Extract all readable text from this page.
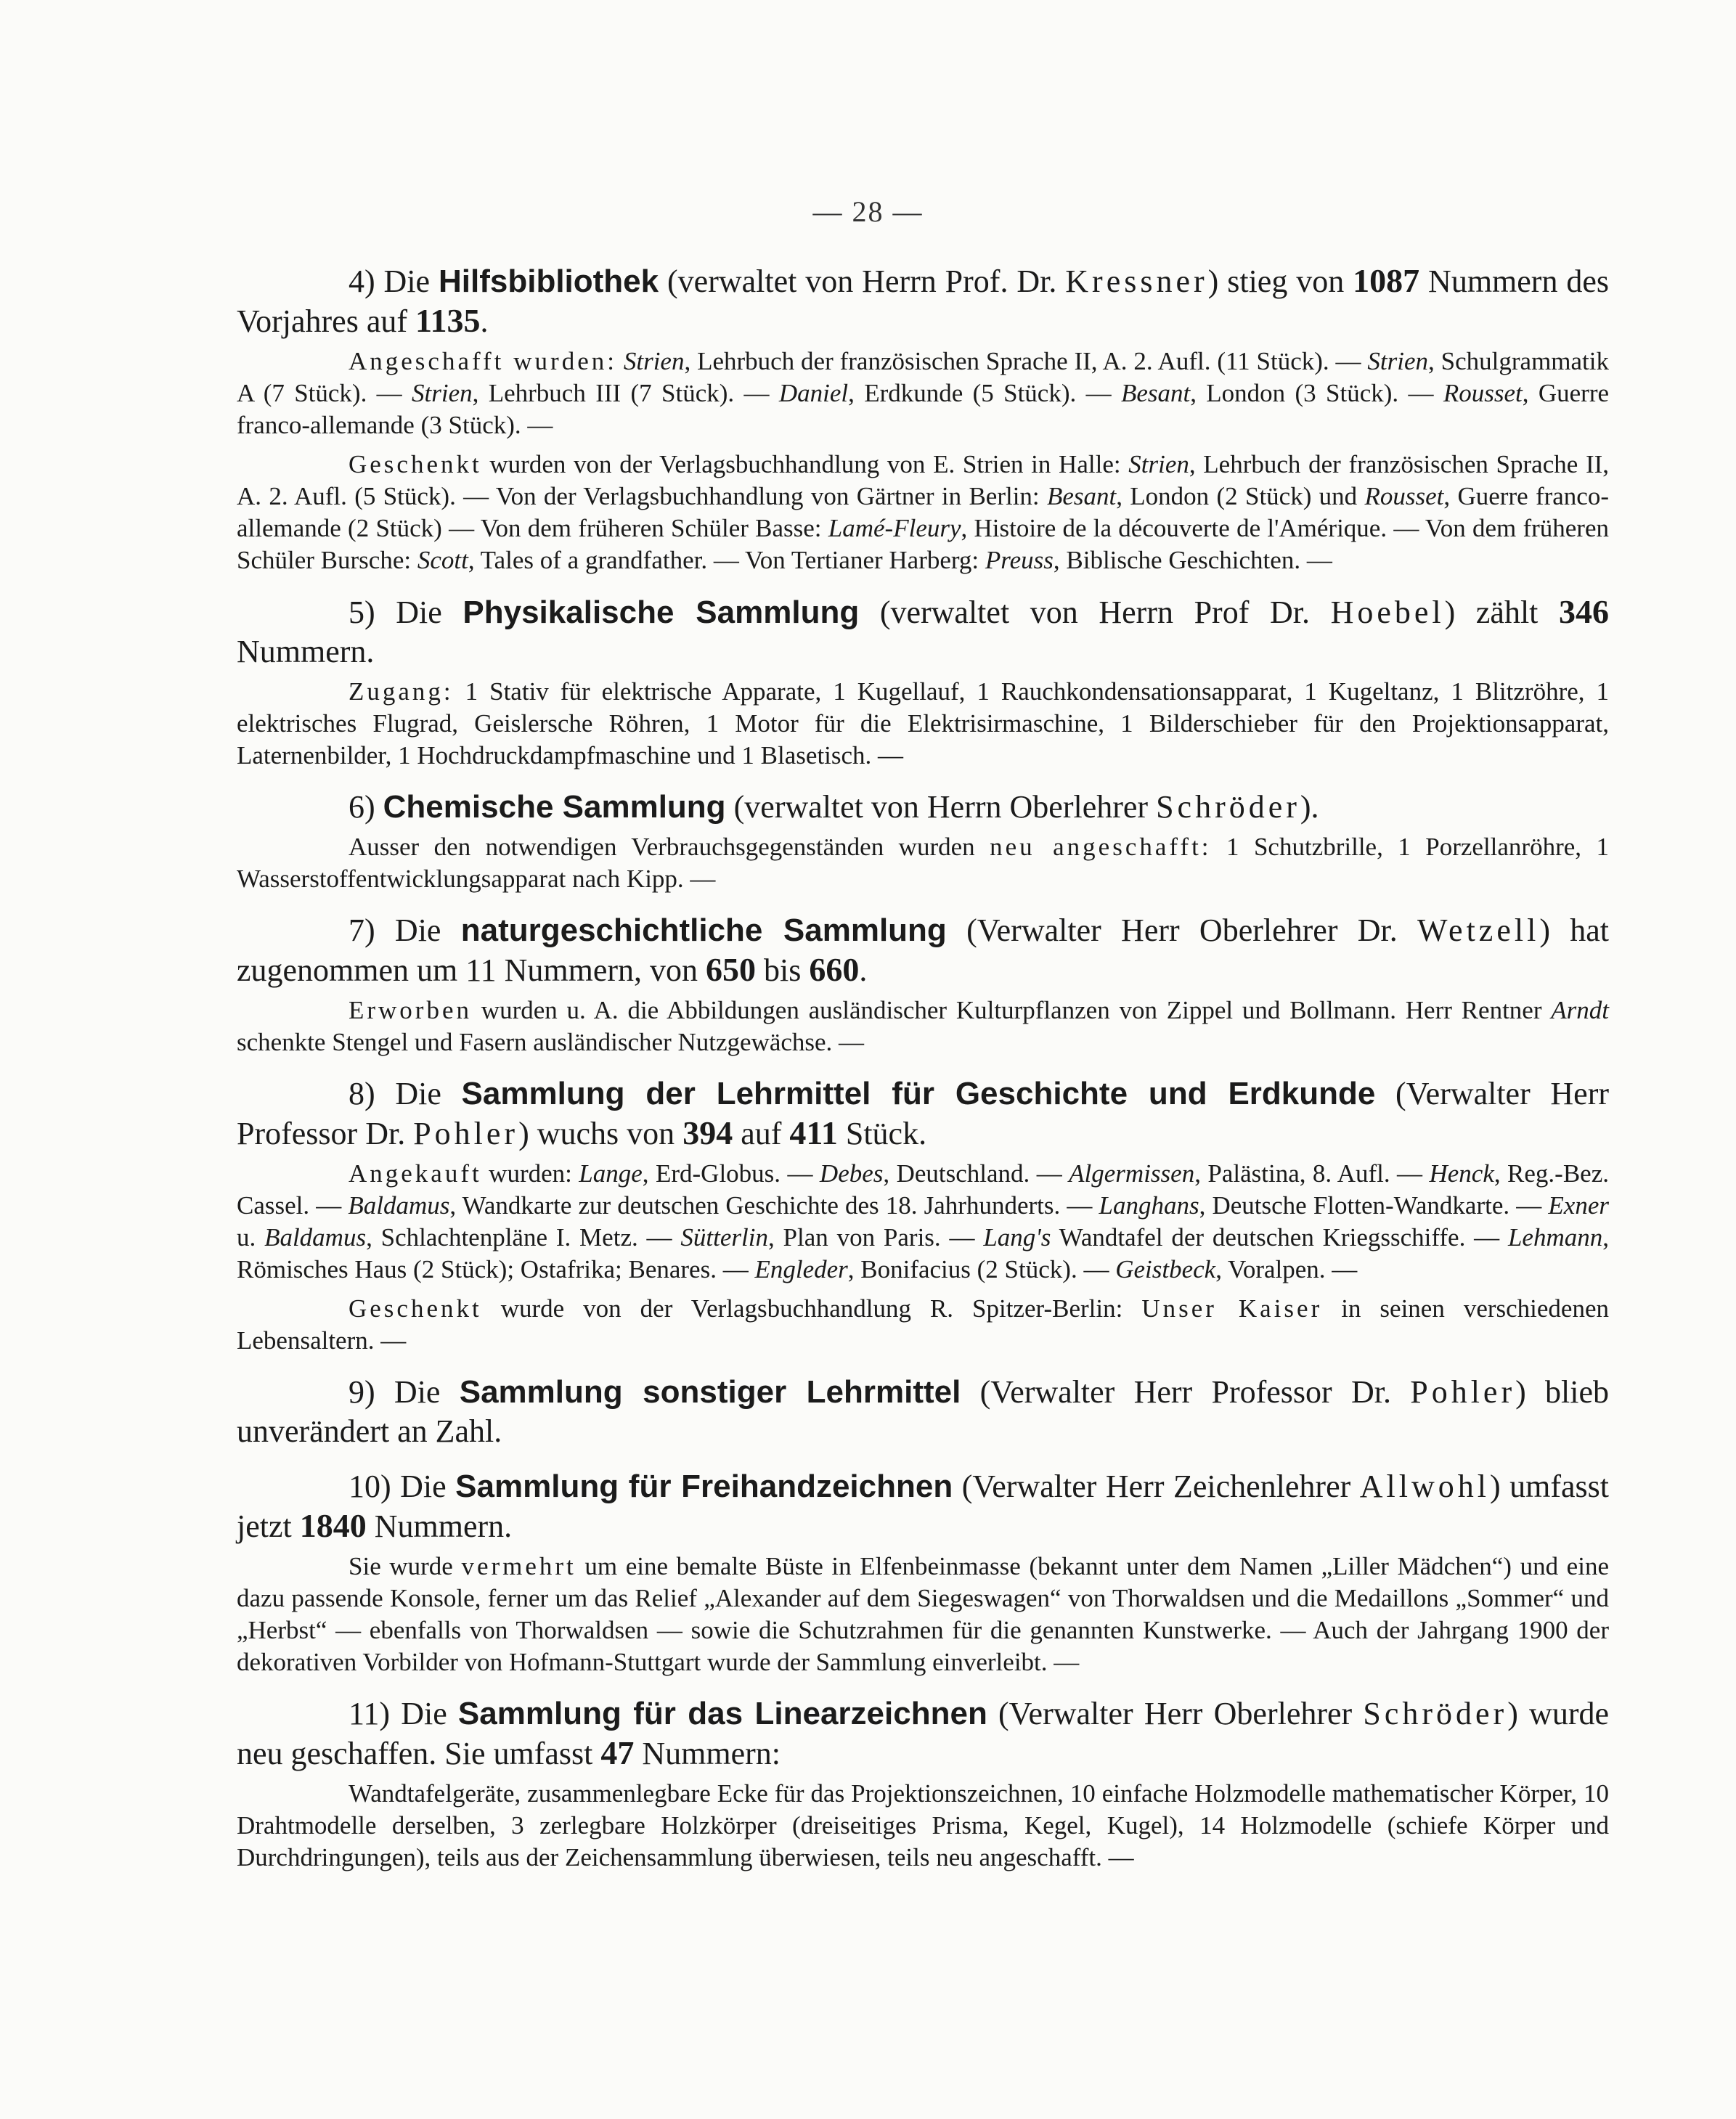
— 28 —
4) Die Hilfsbibliothek (verwaltet von Herrn Prof. Dr. Kressner) stieg von 1087 Nummern des Vorjahres auf 1135.

Angeschafft wurden: Strien, Lehrbuch der französischen Sprache II, A. 2. Aufl. (11 Stück). — Strien, Schulgrammatik A (7 Stück). — Strien, Lehrbuch III (7 Stück). — Daniel, Erdkunde (5 Stück). — Besant, London (3 Stück). — Rousset, Guerre franco-allemande (3 Stück). —

Geschenkt wurden von der Verlagsbuchhandlung von E. Strien in Halle: Strien, Lehrbuch der französischen Sprache II, A. 2. Aufl. (5 Stück). — Von der Verlagsbuchhandlung von Gärtner in Berlin: Besant, London (2 Stück) und Rousset, Guerre franco-allemande (2 Stück) — Von dem früheren Schüler Basse: Lamé-Fleury, Histoire de la découverte de l'Amérique. — Von dem früheren Schüler Bursche: Scott, Tales of a grandfather. — Von Tertianer Harberg: Preuss, Biblische Geschichten. —

5) Die Physikalische Sammlung (verwaltet von Herrn Prof Dr. Hoebel) zählt 346 Nummern.

Zugang: 1 Stativ für elektrische Apparate, 1 Kugellauf, 1 Rauchkondensationsapparat, 1 Kugeltanz, 1 Blitzröhre, 1 elektrisches Flugrad, Geislersche Röhren, 1 Motor für die Elektrisirmaschine, 1 Bilderschieber für den Projektionsapparat, Laternenbilder, 1 Hochdruckdampfmaschine und 1 Blasetisch. —

6) Chemische Sammlung (verwaltet von Herrn Oberlehrer Schröder).

Ausser den notwendigen Verbrauchsgegenständen wurden neu angeschafft: 1 Schutzbrille, 1 Porzellanröhre, 1 Wasserstoffentwicklungsapparat nach Kipp. —

7) Die naturgeschichtliche Sammlung (Verwalter Herr Oberlehrer Dr. Wetzell) hat zugenommen um 11 Nummern, von 650 bis 660.

Erworben wurden u. A. die Abbildungen ausländischer Kulturpflanzen von Zippel und Bollmann. Herr Rentner Arndt schenkte Stengel und Fasern ausländischer Nutzgewächse. —

8) Die Sammlung der Lehrmittel für Geschichte und Erdkunde (Verwalter Herr Professor Dr. Pohler) wuchs von 394 auf 411 Stück.

Angekauft wurden: Lange, Erd-Globus. — Debes, Deutschland. — Algermissen, Palästina, 8. Aufl. — Henck, Reg.-Bez. Cassel. — Baldamus, Wandkarte zur deutschen Geschichte des 18. Jahrhunderts. — Langhans, Deutsche Flotten-Wandkarte. — Exner u. Baldamus, Schlachtenpläne I. Metz. — Sütterlin, Plan von Paris. — Lang's Wandtafel der deutschen Kriegsschiffe. — Lehmann, Römisches Haus (2 Stück); Ostafrika; Benares. — Engleder, Bonifacius (2 Stück). — Geistbeck, Voralpen. —

Geschenkt wurde von der Verlagsbuchhandlung R. Spitzer-Berlin: Unser Kaiser in seinen verschiedenen Lebensaltern. —

9) Die Sammlung sonstiger Lehrmittel (Verwalter Herr Professor Dr. Pohler) blieb unverändert an Zahl.
10) Die Sammlung für Freihandzeichnen (Verwalter Herr Zeichenlehrer Allwohl) umfasst jetzt 1840 Nummern.

Sie wurde vermehrt um eine bemalte Büste in Elfenbeinmasse (bekannt unter dem Namen „Liller Mädchen“) und eine dazu passende Konsole, ferner um das Relief „Alexander auf dem Siegeswagen“ von Thorwaldsen und die Medaillons „Sommer“ und „Herbst“ — ebenfalls von Thorwaldsen — sowie die Schutzrahmen für die genannten Kunstwerke. — Auch der Jahrgang 1900 der dekorativen Vorbilder von Hofmann-Stuttgart wurde der Sammlung einverleibt. —

11) Die Sammlung für das Linearzeichnen (Verwalter Herr Oberlehrer Schröder) wurde neu geschaffen. Sie umfasst 47 Nummern:

Wandtafelgeräte, zusammenlegbare Ecke für das Projektionszeichnen, 10 einfache Holzmodelle mathematischer Körper, 10 Drahtmodelle derselben, 3 zerlegbare Holzkörper (dreiseitiges Prisma, Kegel, Kugel), 14 Holzmodelle (schiefe Körper und Durchdringungen), teils aus der Zeichensammlung überwiesen, teils neu angeschafft. —
